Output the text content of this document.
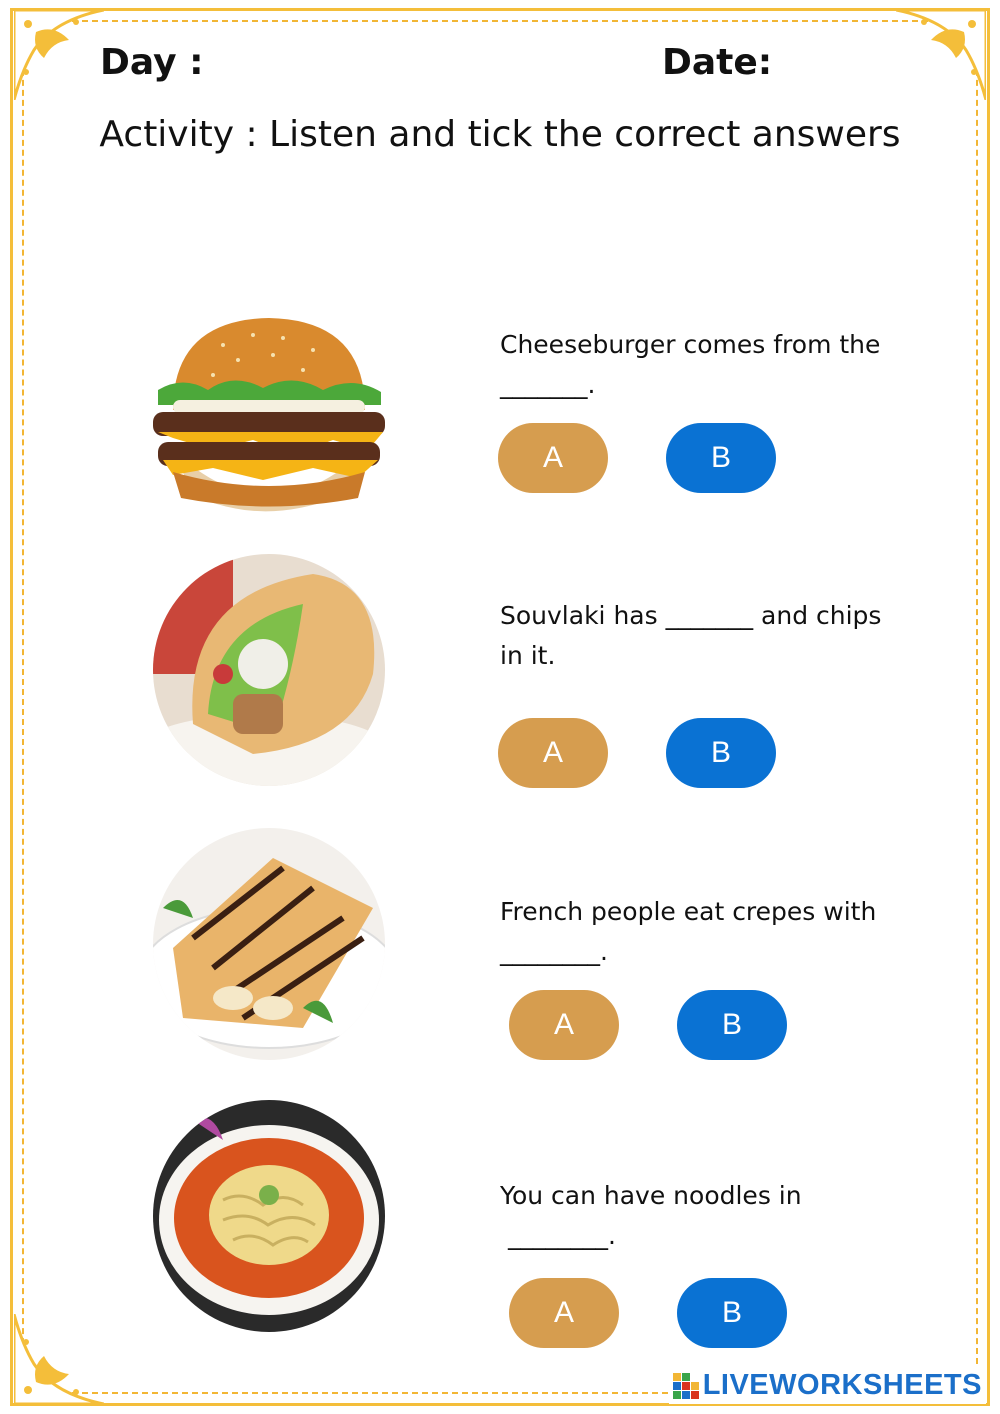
Day :	Date:
Activity : Listen and tick the correct answers
Cheeseburger comes from the
_______.
A	B
Souvlaki has _______ and chips
in it.
A	B
French people eat crepes with
________.
A	B
You can have noodles in
________.
A	B
LIVEWORKSHEETS
